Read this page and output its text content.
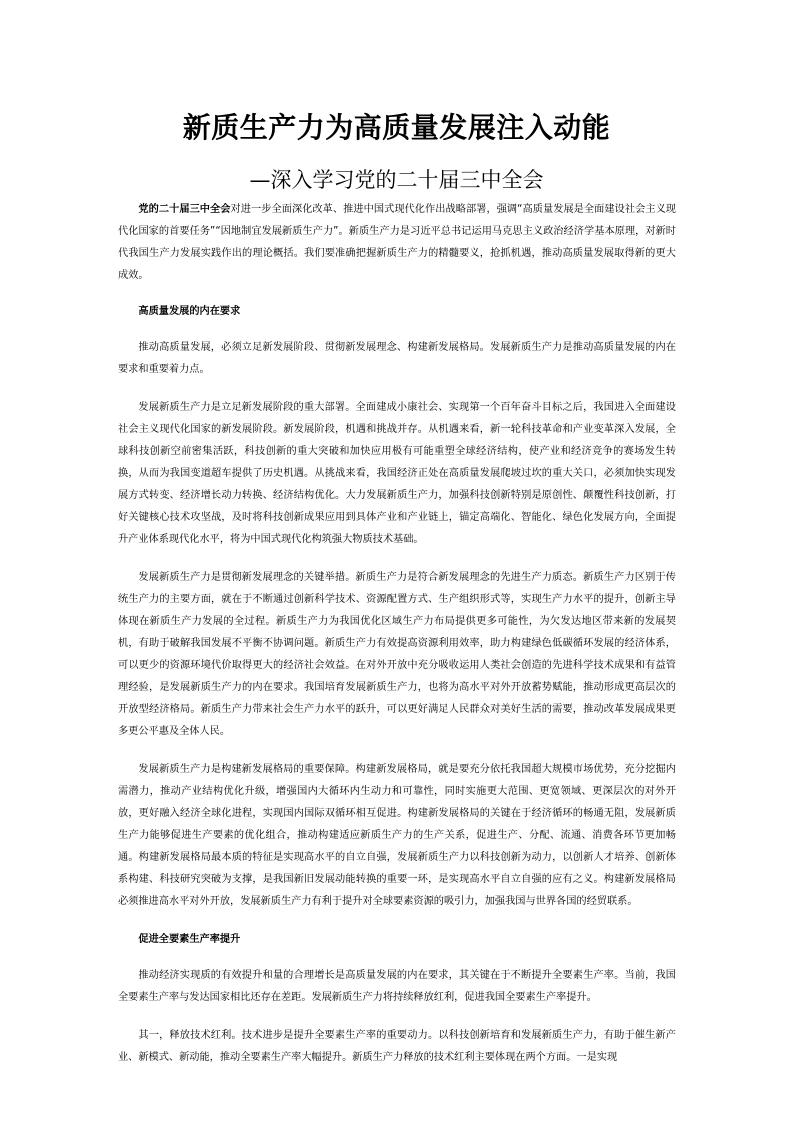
新质生产力为高质量发展注入动能
—深入学习党的二十届三中全会

党的二十届三中全会对进一步全面深化改革、推进中国式现代化作出战略部署，强调“高质量发展是全面建设社会主义现代化国家的首要任务”“因地制宜发展新质生产力”。新质生产力是习近平总书记运用马克思主义政治经济学基本原理，对新时代我国生产力发展实践作出的理论概括。我们要准确把握新质生产力的精髓要义，抢抓机遇，推动高质量发展取得新的更大成效。

高质量发展的内在要求

推动高质量发展，必须立足新发展阶段、贯彻新发展理念、构建新发展格局。发展新质生产力是推动高质量发展的内在要求和重要着力点。

发展新质生产力是立足新发展阶段的重大部署。全面建成小康社会、实现第一个百年奋斗目标之后，我国进入全面建设社会主义现代化国家的新发展阶段。新发展阶段，机遇和挑战并存。从机遇来看，新一轮科技革命和产业变革深入发展，全球科技创新空前密集活跃，科技创新的重大突破和加快应用极有可能重塑全球经济结构，使产业和经济竞争的赛场发生转换，从而为我国变道超车提供了历史机遇。从挑战来看，我国经济正处在高质量发展爬坡过坎的重大关口，必须加快实现发展方式转变、经济增长动力转换、经济结构优化。大力发展新质生产力，加强科技创新特别是原创性、颠覆性科技创新，打好关键核心技术攻坚战，及时将科技创新成果应用到具体产业和产业链上，锚定高端化、智能化、绿色化发展方向，全面提升产业体系现代化水平，将为中国式现代化构筑强大物质技术基础。

发展新质生产力是贯彻新发展理念的关键举措。新质生产力是符合新发展理念的先进生产力质态。新质生产力区别于传统生产力的主要方面，就在于不断通过创新科学技术、资源配置方式、生产组织形式等，实现生产力水平的提升，创新主导体现在新质生产力发展的全过程。新质生产力为我国优化区域生产力布局提供更多可能性，为欠发达地区带来新的发展契机，有助于破解我国发展不平衡不协调问题。新质生产力有效提高资源利用效率，助力构建绿色低碳循环发展的经济体系，可以更少的资源环境代价取得更大的经济社会效益。在对外开放中充分吸收运用人类社会创造的先进科学技术成果和有益管理经验，是发展新质生产力的内在要求。我国培育发展新质生产力，也将为高水平对外开放蓄势赋能，推动形成更高层次的开放型经济格局。新质生产力带来社会生产力水平的跃升，可以更好满足人民群众对美好生活的需要，推动改革发展成果更多更公平惠及全体人民。

发展新质生产力是构建新发展格局的重要保障。构建新发展格局，就是要充分依托我国超大规模市场优势，充分挖掘内需潜力，推动产业结构优化升级，增强国内大循环内生动力和可靠性，同时实施更大范围、更宽领域、更深层次的对外开放，更好融入经济全球化进程，实现国内国际双循环相互促进。构建新发展格局的关键在于经济循环的畅通无阻，发展新质生产力能够促进生产要素的优化组合，推动构建适应新质生产力的生产关系，促进生产、分配、流通、消费各环节更加畅通。构建新发展格局最本质的特征是实现高水平的自立自强，发展新质生产力以科技创新为动力，以创新人才培养、创新体系构建、科技研究突破为支撑，是我国新旧发展动能转换的重要一环，是实现高水平自立自强的应有之义。构建新发展格局必须推进高水平对外开放，发展新质生产力有利于提升对全球要素资源的吸引力，加强我国与世界各国的经贸联系。

促进全要素生产率提升

推动经济实现质的有效提升和量的合理增长是高质量发展的内在要求，其关键在于不断提升全要素生产率。当前，我国全要素生产率与发达国家相比还存在差距。发展新质生产力将持续释放红利，促进我国全要素生产率提升。

其一，释放技术红利。技术进步是提升全要素生产率的重要动力。以科技创新培育和发展新质生产力，有助于催生新产业、新模式、新动能，推动全要素生产率大幅提升。新质生产力释放的技术红利主要体现在两个方面。一是实现
